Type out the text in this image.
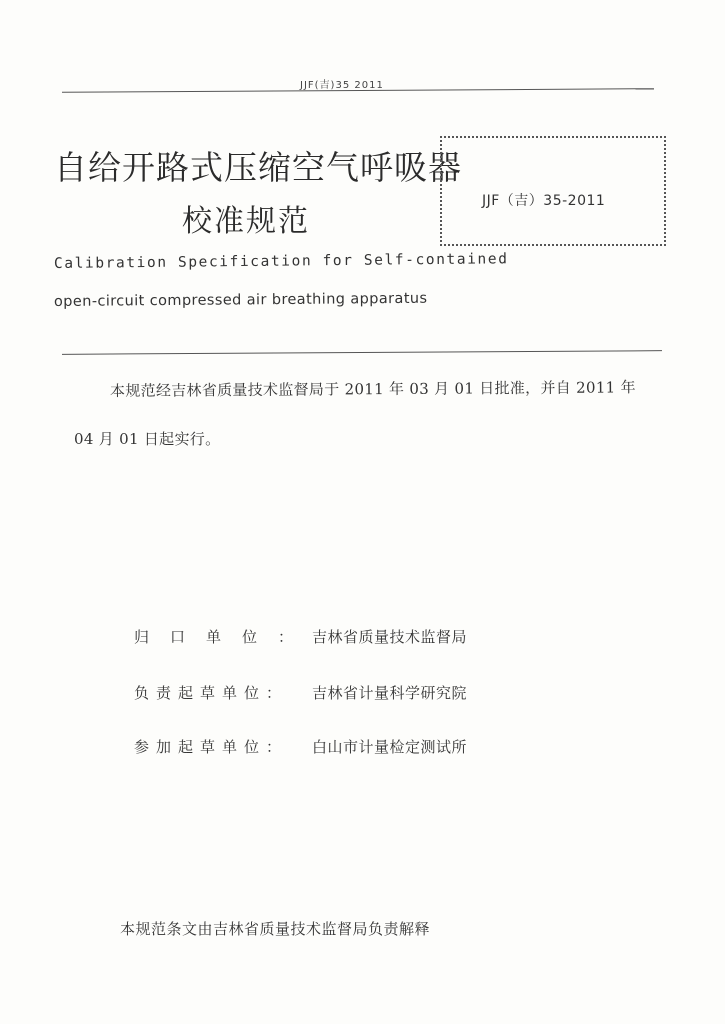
JJF(吉)35 2011
自给开路式压缩空气呼吸器
校准规范
JJF（吉）35-2011
Calibration Specification for Self-contained
open-circuit compressed air breathing apparatus
本规范经吉林省质量技术监督局于 2011 年 03 月 01 日批准，并自 2011 年
04 月 01 日起实行。
归口单位：
吉林省质量技术监督局
负责起草单位： 吉林省计量科学研究院
参加起草单位： 白山市计量检定测试所
本规范条文由吉林省质量技术监督局负责解释
